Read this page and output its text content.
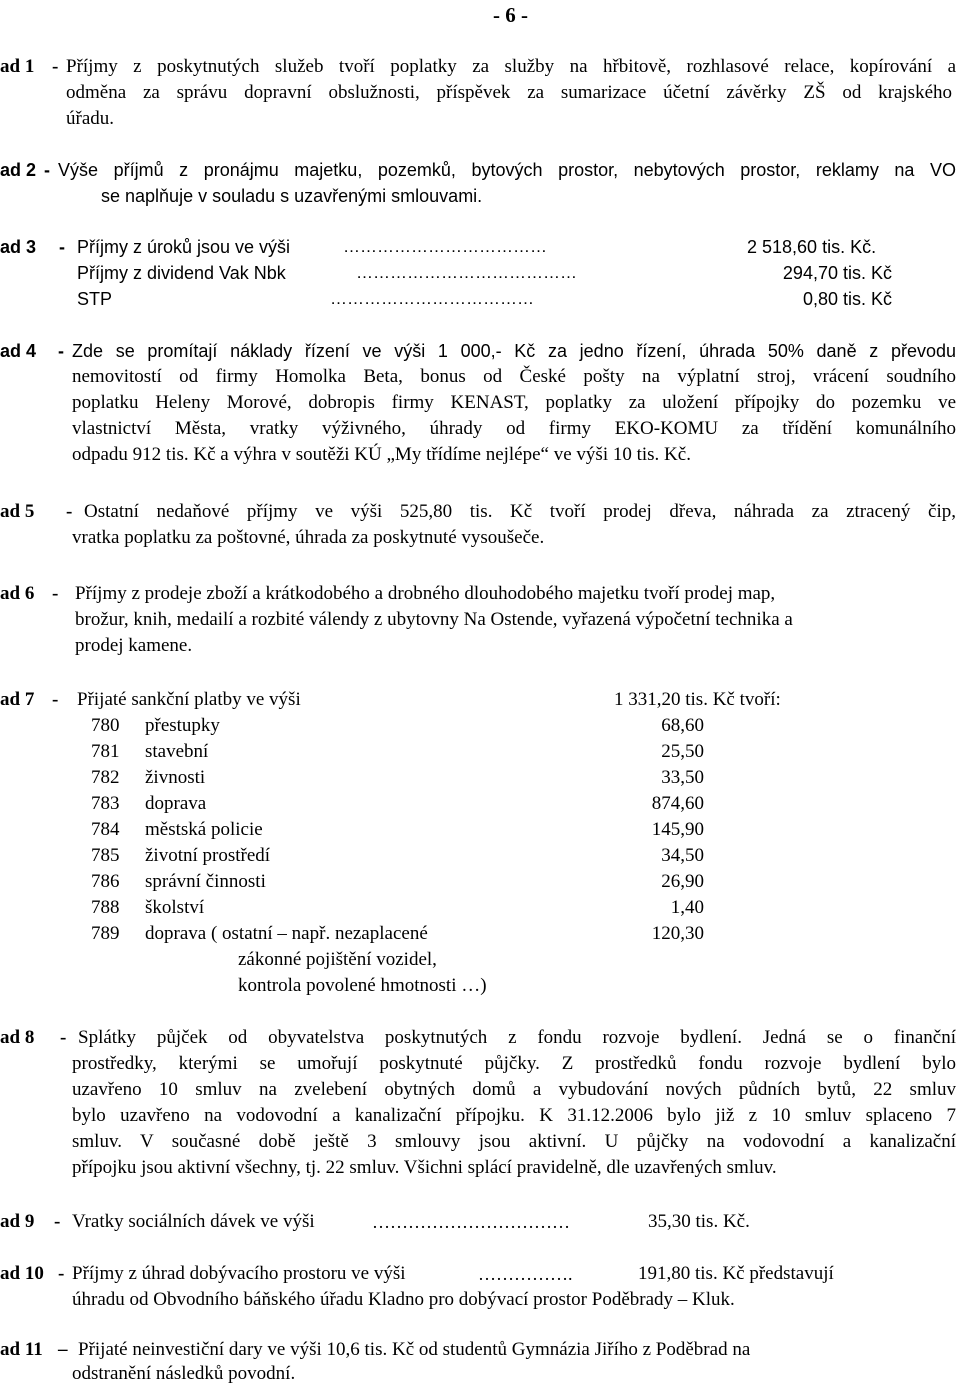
- 6 -
ad 1 - Příjmy z poskytnutých služeb tvoří poplatky za služby na hřbitově, rozhlasové relace, kopírování a
odměna za správu dopravní obslužnosti, příspěvek za sumarizace účetní závěrky ZŠ od krajského
úřadu.
ad 2 - Výše příjmů z pronájmu majetku, pozemků, bytových prostor, nebytových prostor, reklamy na VO
se naplňuje v souladu s uzavřenými smlouvami.
ad 3 - Příjmy z úroků jsou ve výši	………………………………	2 518,60 tis. Kč.
Příjmy z dividend Vak Nbk	…………………………………	294,70 tis. Kč
STP	………………………………	0,80 tis. Kč
ad 4 - Zde se promítají náklady řízení ve výši 1 000,- Kč za jedno řízení, úhrada 50% daně z převodu
nemovitostí od firmy Homolka Beta, bonus od České pošty na výplatní stroj, vrácení soudního
poplatku Heleny Morové, dobropis firmy KENAST, poplatky za uložení přípojky do pozemku ve
vlastnictví Města, vratky výživného, úhrady od firmy EKO-KOMU za třídění komunálního
odpadu 912 tis. Kč a výhra v soutěži KÚ „My třídíme nejlépe“ ve výši 10 tis. Kč.
ad 5 - Ostatní nedaňové příjmy ve výši 525,80 tis. Kč tvoří prodej dřeva, náhrada za ztracený čip,
vratka poplatku za poštovné, úhrada za poskytnuté vysoušeče.
ad 6 - Příjmy z prodeje zboží a krátkodobého a drobného dlouhodobého majetku tvoří prodej map,
brožur, knih, medailí a rozbité válendy z ubytovny Na Ostende, vyřazená výpočetní technika a
prodej kamene.
ad 7 - Přijaté sankční platby ve výši	1 331,20 tis. Kč tvoří:
780 přestupky	68,60
781 stavební	25,50
782 živnosti	33,50
783 doprava	874,60
784 městská policie	145,90
785 životní prostředí	34,50
786 správní činnosti	26,90
788 školství	1,40
789 doprava ( ostatní – např. nezaplacené	120,30
zákonné pojištění vozidel,
kontrola povolené hmotnosti …)
ad 8 - Splátky půjček od obyvatelstva poskytnutých z fondu rozvoje bydlení. Jedná se o finanční
prostředky, kterými se umořují poskytnuté půjčky. Z prostředků fondu rozvoje bydlení bylo
uzavřeno 10 smluv na zvelebení obytných domů a vybudování nových půdních bytů, 22 smluv
bylo uzavřeno na vodovodní a kanalizační přípojku. K 31.12.2006 bylo již z 10 smluv splaceno 7
smluv. V současné době ještě 3 smlouvy jsou aktivní. U půjčky na vodovodní a kanalizační
přípojku jsou aktivní všechny, tj. 22 smluv. Všichni splácí pravidelně, dle uzavřených smluv.
ad 9 - Vratky sociálních dávek ve výši	……………………………	35,30 tis. Kč.
ad 10 - Příjmy z úhrad dobývacího prostoru ve výši	…………….	191,80 tis. Kč představují
úhradu od Obvodního báňského úřadu Kladno pro dobývací prostor Poděbrady – Kluk.
ad 11 – Přijaté neinvestiční dary ve výši 10,6 tis. Kč od studentů Gymnázia Jiřího z Poděbrad na
odstranění následků povodní.
